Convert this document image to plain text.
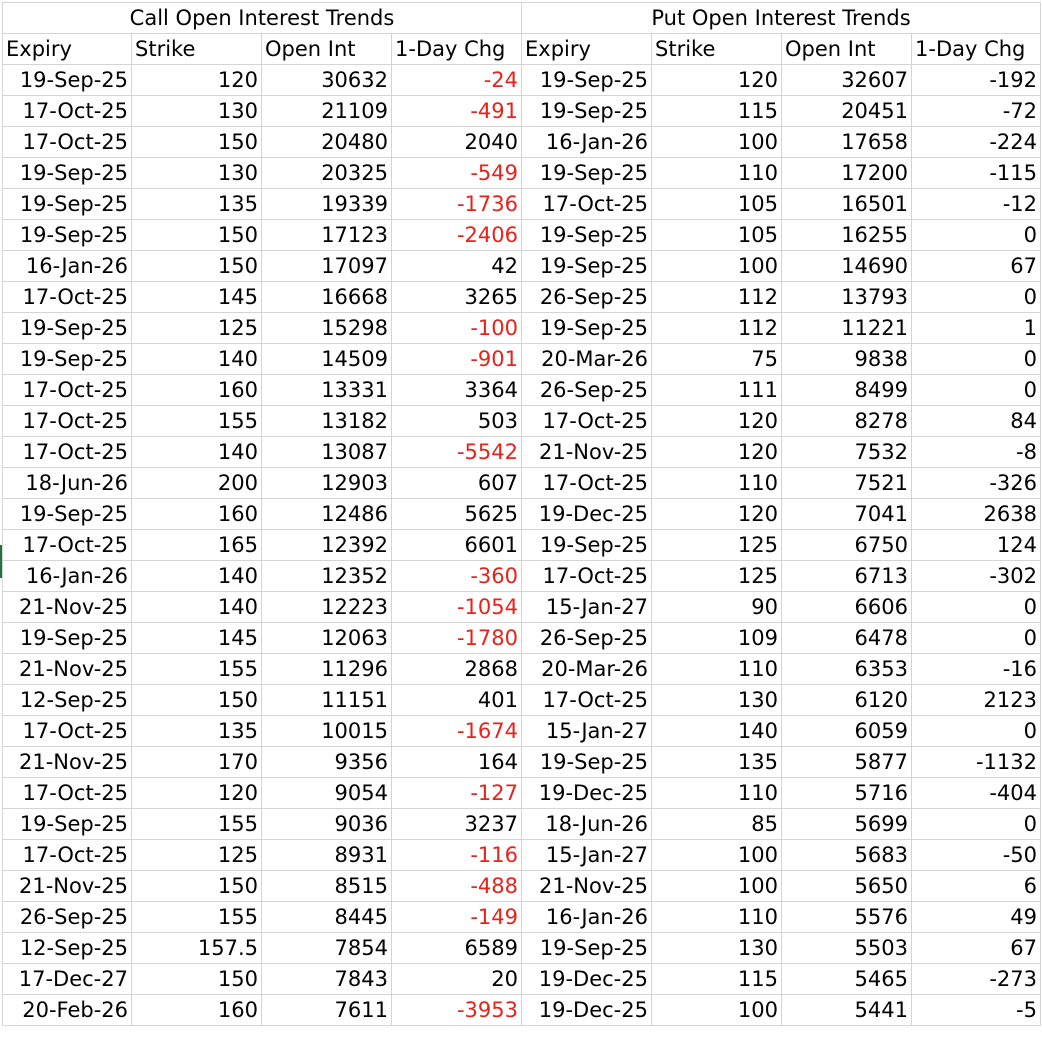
Call Open Interest Trends				Put Open Interest Trends			
Expiry	Strike	Open Int	1-Day Chg	Expiry	Strike	Open Int	1-Day Chg
19-Sep-25	120	30632	-24	19-Sep-25	120	32607	-192
17-Oct-25	130	21109	-491	19-Sep-25	115	20451	-72
17-Oct-25	150	20480	2040	16-Jan-26	100	17658	-224
19-Sep-25	130	20325	-549	19-Sep-25	110	17200	-115
19-Sep-25	135	19339	-1736	17-Oct-25	105	16501	-12
19-Sep-25	150	17123	-2406	19-Sep-25	105	16255	0
16-Jan-26	150	17097	42	19-Sep-25	100	14690	67
17-Oct-25	145	16668	3265	26-Sep-25	112	13793	0
19-Sep-25	125	15298	-100	19-Sep-25	112	11221	1
19-Sep-25	140	14509	-901	20-Mar-26	75	9838	0
17-Oct-25	160	13331	3364	26-Sep-25	111	8499	0
17-Oct-25	155	13182	503	17-Oct-25	120	8278	84
17-Oct-25	140	13087	-5542	21-Nov-25	120	7532	-8
18-Jun-26	200	12903	607	17-Oct-25	110	7521	-326
19-Sep-25	160	12486	5625	19-Dec-25	120	7041	2638
17-Oct-25	165	12392	6601	19-Sep-25	125	6750	124
16-Jan-26	140	12352	-360	17-Oct-25	125	6713	-302
21-Nov-25	140	12223	-1054	15-Jan-27	90	6606	0
19-Sep-25	145	12063	-1780	26-Sep-25	109	6478	0
21-Nov-25	155	11296	2868	20-Mar-26	110	6353	-16
12-Sep-25	150	11151	401	17-Oct-25	130	6120	2123
17-Oct-25	135	10015	-1674	15-Jan-27	140	6059	0
21-Nov-25	170	9356	164	19-Sep-25	135	5877	-1132
17-Oct-25	120	9054	-127	19-Dec-25	110	5716	-404
19-Sep-25	155	9036	3237	18-Jun-26	85	5699	0
17-Oct-25	125	8931	-116	15-Jan-27	100	5683	-50
21-Nov-25	150	8515	-488	21-Nov-25	100	5650	6
26-Sep-25	155	8445	-149	16-Jan-26	110	5576	49
12-Sep-25	157.5	7854	6589	19-Sep-25	130	5503	67
17-Dec-27	150	7843	20	19-Dec-25	115	5465	-273
20-Feb-26	160	7611	-3953	19-Dec-25	100	5441	-5
